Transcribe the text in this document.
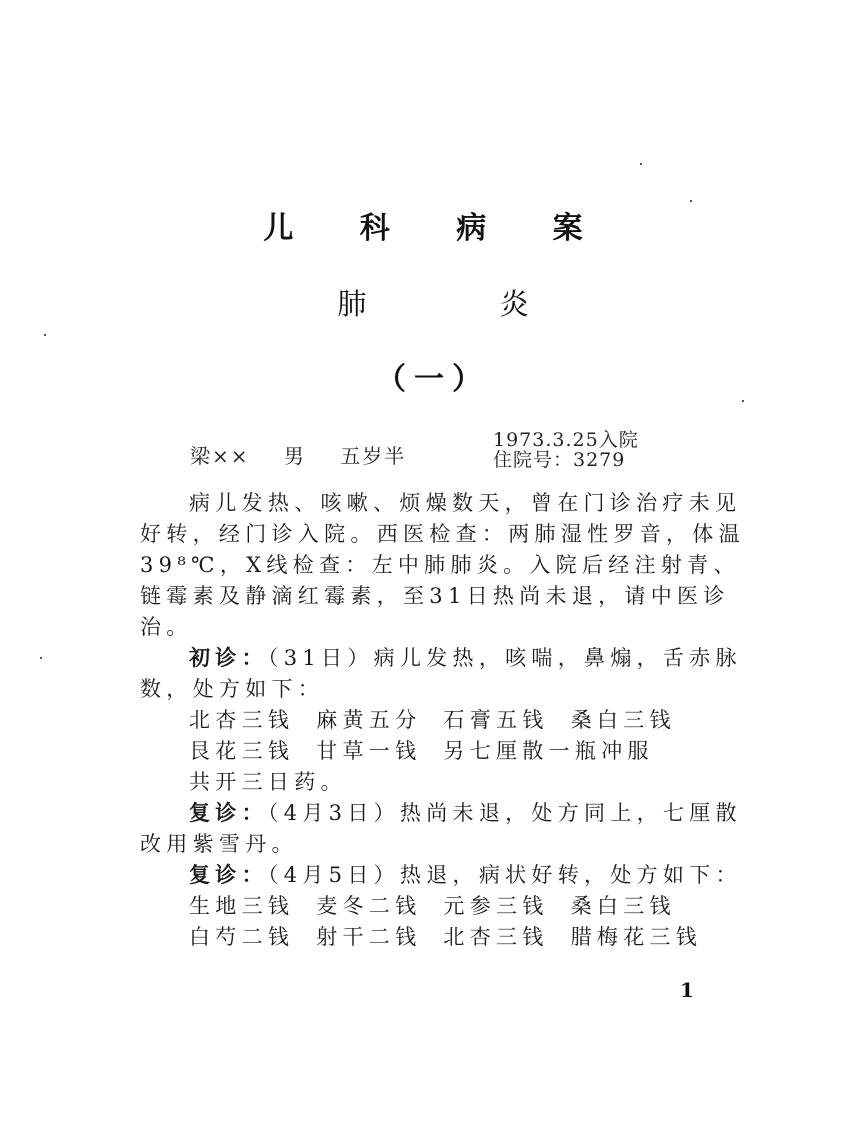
儿 科 病 案
肺 炎
（一）
梁×× 男 五岁半
1973.3.25入院
住院号：3279

病儿发热、咳嗽、烦燥数天，曾在门诊治疗未见好转，经门诊入院。西医检查：两肺湿性罗音，体温39⁸℃，X线检查：左中肺肺炎。入院后经注射青、链霉素及静滴红霉素，至31日热尚未退，请中医诊治。

初诊：（31日）病儿发热，咳喘，鼻煽，舌赤脉数，处方如下：

北杏三钱 麻黄五分 石膏五钱 桑白三钱
艮花三钱 甘草一钱 另七厘散一瓶冲服
共开三日药。

复诊：（4月3日）热尚未退，处方同上，七厘散改用紫雪丹。

复诊：（4月5日）热退，病状好转，处方如下：

生地三钱 麦冬二钱 元参三钱 桑白三钱
白芍二钱 射干二钱 北杏三钱 腊梅花三钱
1
